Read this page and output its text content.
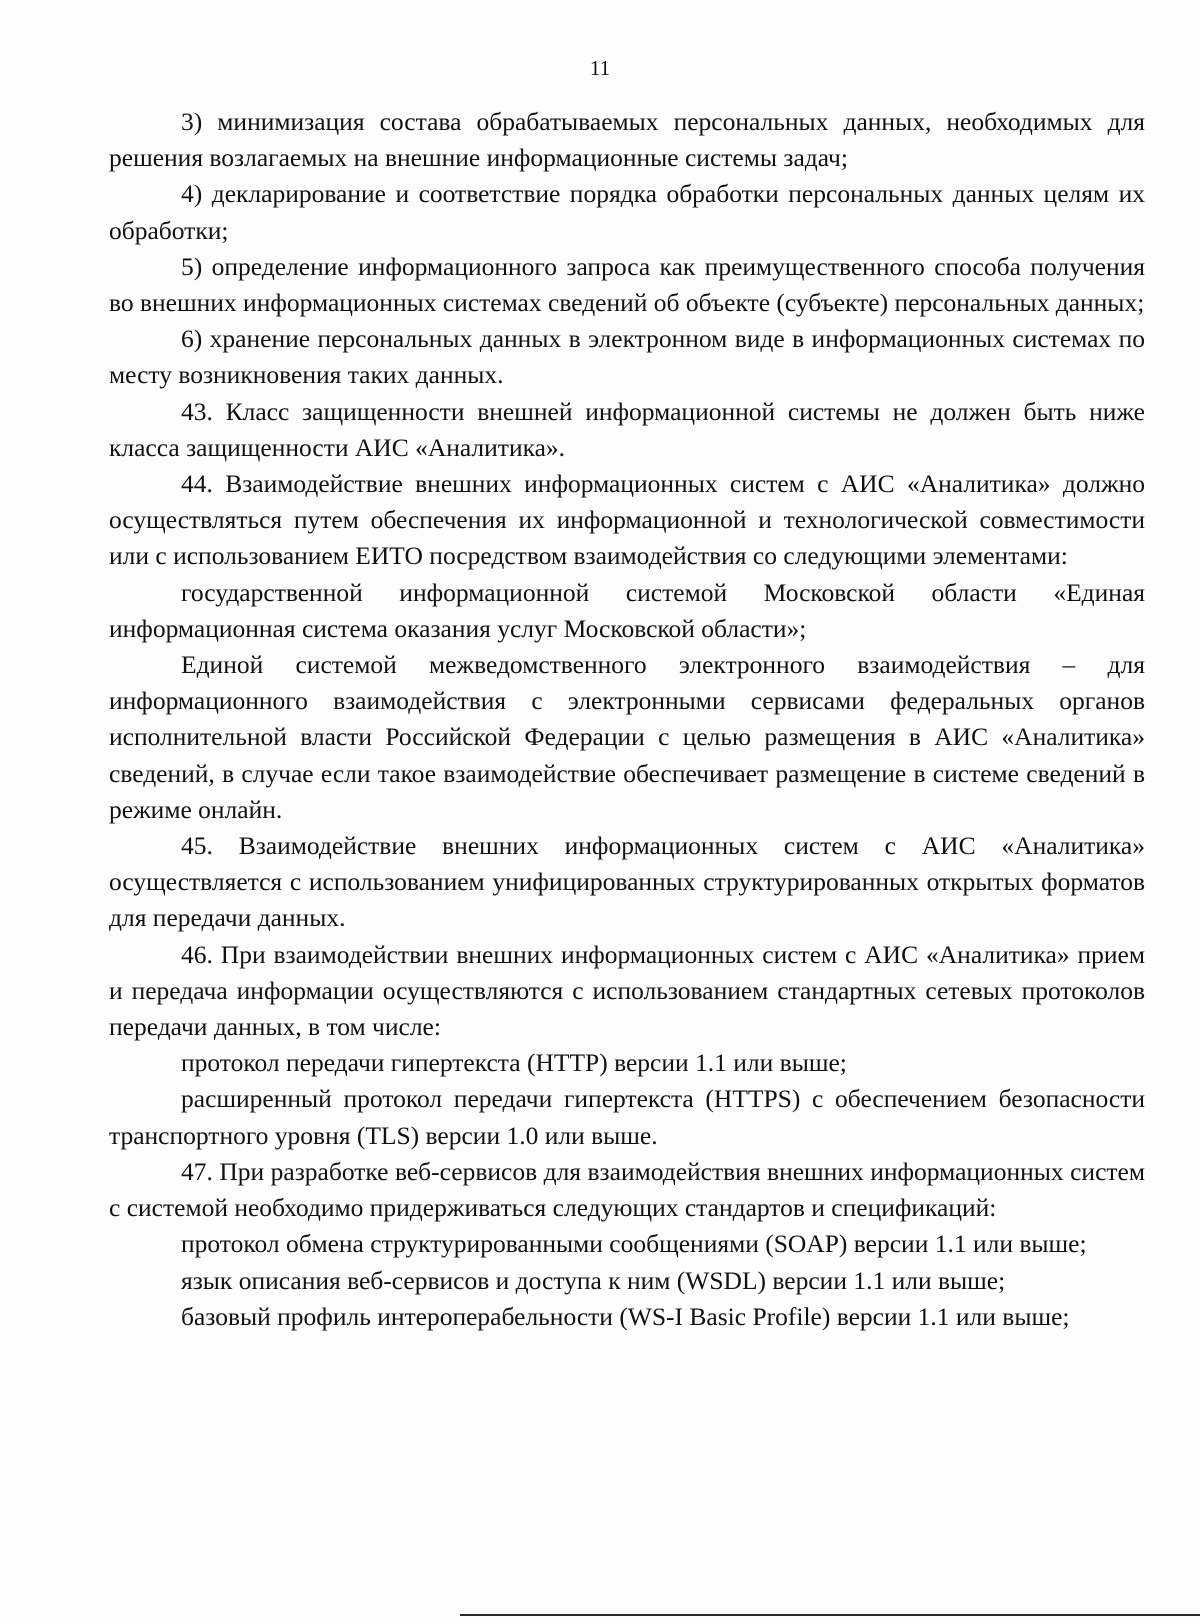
11

3) минимизация состава обрабатываемых персональных данных, необходимых для решения возлагаемых на внешние информационные системы задач;

4) декларирование и соответствие порядка обработки персональных данных целям их обработки;

5) определение информационного запроса как преимущественного способа получения во внешних информационных системах сведений об объекте (субъекте) персональных данных;

6) хранение персональных данных в электронном виде в информационных системах по месту возникновения таких данных.

43. Класс защищенности внешней информационной системы не должен быть ниже класса защищенности АИС «Аналитика».

44. Взаимодействие внешних информационных систем с АИС «Аналитика» должно осуществляться путем обеспечения их информационной и технологической совместимости или с использованием ЕИТО посредством взаимодействия со следующими элементами:

государственной информационной системой Московской области «Единая информационная система оказания услуг Московской области»;

Единой системой межведомственного электронного взаимодействия – для информационного взаимодействия с электронными сервисами федеральных органов исполнительной власти Российской Федерации с целью размещения в АИС «Аналитика» сведений, в случае если такое взаимодействие обеспечивает размещение в системе сведений в режиме онлайн.

45. Взаимодействие внешних информационных систем с АИС «Аналитика» осуществляется с использованием унифицированных структурированных открытых форматов для передачи данных.

46. При взаимодействии внешних информационных систем с АИС «Аналитика» прием и передача информации осуществляются с использованием стандартных сетевых протоколов передачи данных, в том числе:

протокол передачи гипертекста (HTTP) версии 1.1 или выше;

расширенный протокол передачи гипертекста (HTTPS) с обеспечением безопасности транспортного уровня (TLS) версии 1.0 или выше.

47. При разработке веб-сервисов для взаимодействия внешних информационных систем с системой необходимо придерживаться следующих стандартов и спецификаций:

протокол обмена структурированными сообщениями (SOAP) версии 1.1 или выше;

язык описания веб-сервисов и доступа к ним (WSDL) версии 1.1 или выше;

базовый профиль интероперабельности (WS-I Basic Profile) версии 1.1 или выше;
